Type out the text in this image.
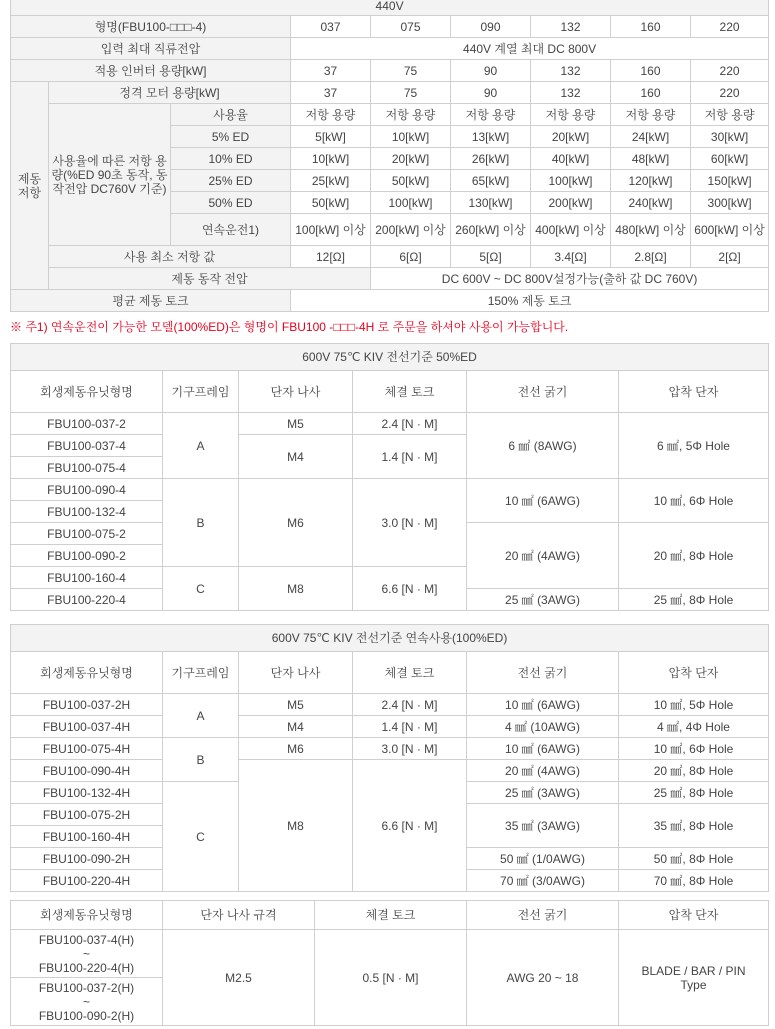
440V								
형명(FBU100-□□□-4)			037	075	090	132	160	220
입력 최대 직류전압			440V 계열 최대 DC 800V					
적용 인버터 용량[kW]			37	75	90	132	160	220
제동 저항	정격 모터 용량[kW]		37	75	90	132	160	220
	사용율에 따른 저항 용량(%ED 90초 동작, 동작전압 DC760V 기준)	사용율	저항 용량	저항 용량	저항 용량	저항 용량	저항 용량	저항 용량
		5% ED	5[kW]	10[kW]	13[kW]	20[kW]	24[kW]	30[kW]
		10% ED	10[kW]	20[kW]	26[kW]	40[kW]	48[kW]	60[kW]
		25% ED	25[kW]	50[kW]	65[kW]	100[kW]	120[kW]	150[kW]
		50% ED	50[kW]	100[kW]	130[kW]	200[kW]	240[kW]	300[kW]
		연속운전1)	100[kW] 이상	200[kW] 이상	260[kW] 이상	400[kW] 이상	480[kW] 이상	600[kW] 이상
	사용 최소 저항 값		12[Ω]	6[Ω]	5[Ω]	3.4[Ω]	2.8[Ω]	2[Ω]
	제동 동작 전압			DC 600V ~ DC 800V설정가능(출하 값 DC 760V)				
평균 제동 토크			150% 제동 토크					
※ 주1) 연속운전이 가능한 모델(100%ED)은 형명이 FBU100 -□□□-4H 로 주문을 하셔야 사용이 가능합니다.
600V 75℃ KIV 전선기준 50%ED					
회생제동유닛형명	기구프레임	단자 나사	체결 토크	전선 굵기	압착 단자
FBU100-037-2	A	M5	2.4 [N · M]	6 ㎟ (8AWG)	6 ㎟, 5Φ Hole
FBU100-037-4		M4	1.4 [N · M]		
FBU100-075-4					
FBU100-090-4	B	M6	3.0 [N · M]	10 ㎟ (6AWG)	10 ㎟, 6Φ Hole
FBU100-132-4					
FBU100-075-2				20 ㎟ (4AWG)	20 ㎟, 8Φ Hole
FBU100-090-2					
FBU100-160-4	C	M8	6.6 [N · M]		
FBU100-220-4				25 ㎟ (3AWG)	25 ㎟, 8Φ Hole
600V 75℃ KIV 전선기준 연속사용(100%ED)					
회생제동유닛형명	기구프레임	단자 나사	체결 토크	전선 굵기	압착 단자
FBU100-037-2H	A	M5	2.4 [N · M]	10 ㎟ (6AWG)	10 ㎟, 5Φ Hole
FBU100-037-4H		M4	1.4 [N · M]	4 ㎟ (10AWG)	4 ㎟, 4Φ Hole
FBU100-075-4H	B	M6	3.0 [N · M]	10 ㎟ (6AWG)	10 ㎟, 6Φ Hole
FBU100-090-4H		M8	6.6 [N · M]	20 ㎟ (4AWG)	20 ㎟, 8Φ Hole
FBU100-132-4H	C			25 ㎟ (3AWG)	25 ㎟, 8Φ Hole
FBU100-075-2H				35 ㎟ (3AWG)	35 ㎟, 8Φ Hole
FBU100-160-4H					
FBU100-090-2H				50 ㎟ (1/0AWG)	50 ㎟, 8Φ Hole
FBU100-220-4H				70 ㎟ (3/0AWG)	70 ㎟, 8Φ Hole
회생제동유닛형명	단자 나사 규격	체결 토크	전선 굵기	압착 단자

FBU100-037-4(H)
~
FBU100-220-4(H)	M2.5	0.5 [N · M]	AWG 20 ~ 18	BLADE / BAR / PIN Type

FBU100-037-2(H)
~
FBU100-090-2(H)				
